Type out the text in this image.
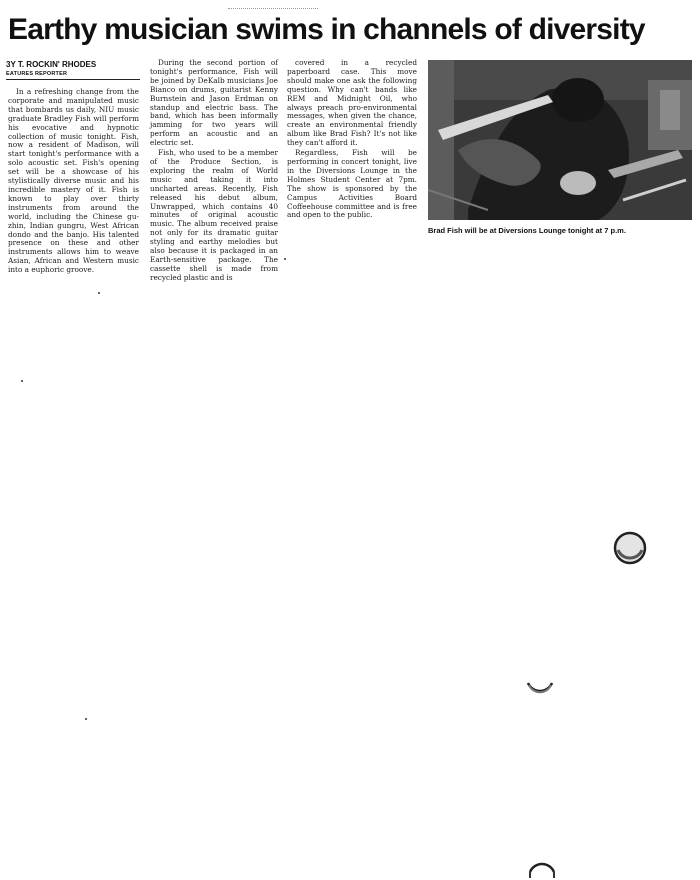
Earthy musician swims in channels of diversity
3Y T. ROCKIN' RHODES
EATURES REPORTER

In a refreshing change from the corporate and manipulated music that bombards us daily, NIU music graduate Bradley Fish will perform his evocative and hypnotic collection of music tonight. Fish, now a resident of Madison, will start tonight's performance with a solo acoustic set. Fish's opening set will be a showcase of his stylistically diverse music and his incredible mastery of it. Fish is known to play over thirty instruments from around the world, including the Chinese gu-zhin, Indian gungru, West African dondo and the banjo. His talented presence on these and other instruments allows him to weave Asian, African and Western music into a euphoric groove.

During the second portion of tonight's performance, Fish will be joined by DeKalb musicians Joe Bianco on drums, guitarist Kenny Burnstein and Jason Erdman on standup and electric bass. The band, which has been informally jamming for two years will perform an acoustic and an electric set.

Fish, who used to be a member of the Produce Section, is exploring the realm of World music and taking it into uncharted areas. Recently, Fish released his debut album, Unwrapped, which contains 40 minutes of original acoustic music. The album received praise not only for its dramatic guitar styling and earthy melodies but also because it is packaged in an Earth-sensitive package. The cassette shell is made from recycled plastic and is

covered in a recycled paperboard case. This move should make one ask the following question. Why can't bands like REM and Midnight Oil, who always preach pro-environmental messages, when given the chance, create an environmental friendly album like Brad Fish? It's not like they can't afford it.

Regardless, Fish will be performing in concert tonight, live in the Diversions Lounge in the Holmes Student Center at 7pm. The show is sponsored by the Campus Activities Board Coffeehouse committee and is free and open to the public.

Brad Fish will be at Diversions Lounge tonight at 7 p.m.
